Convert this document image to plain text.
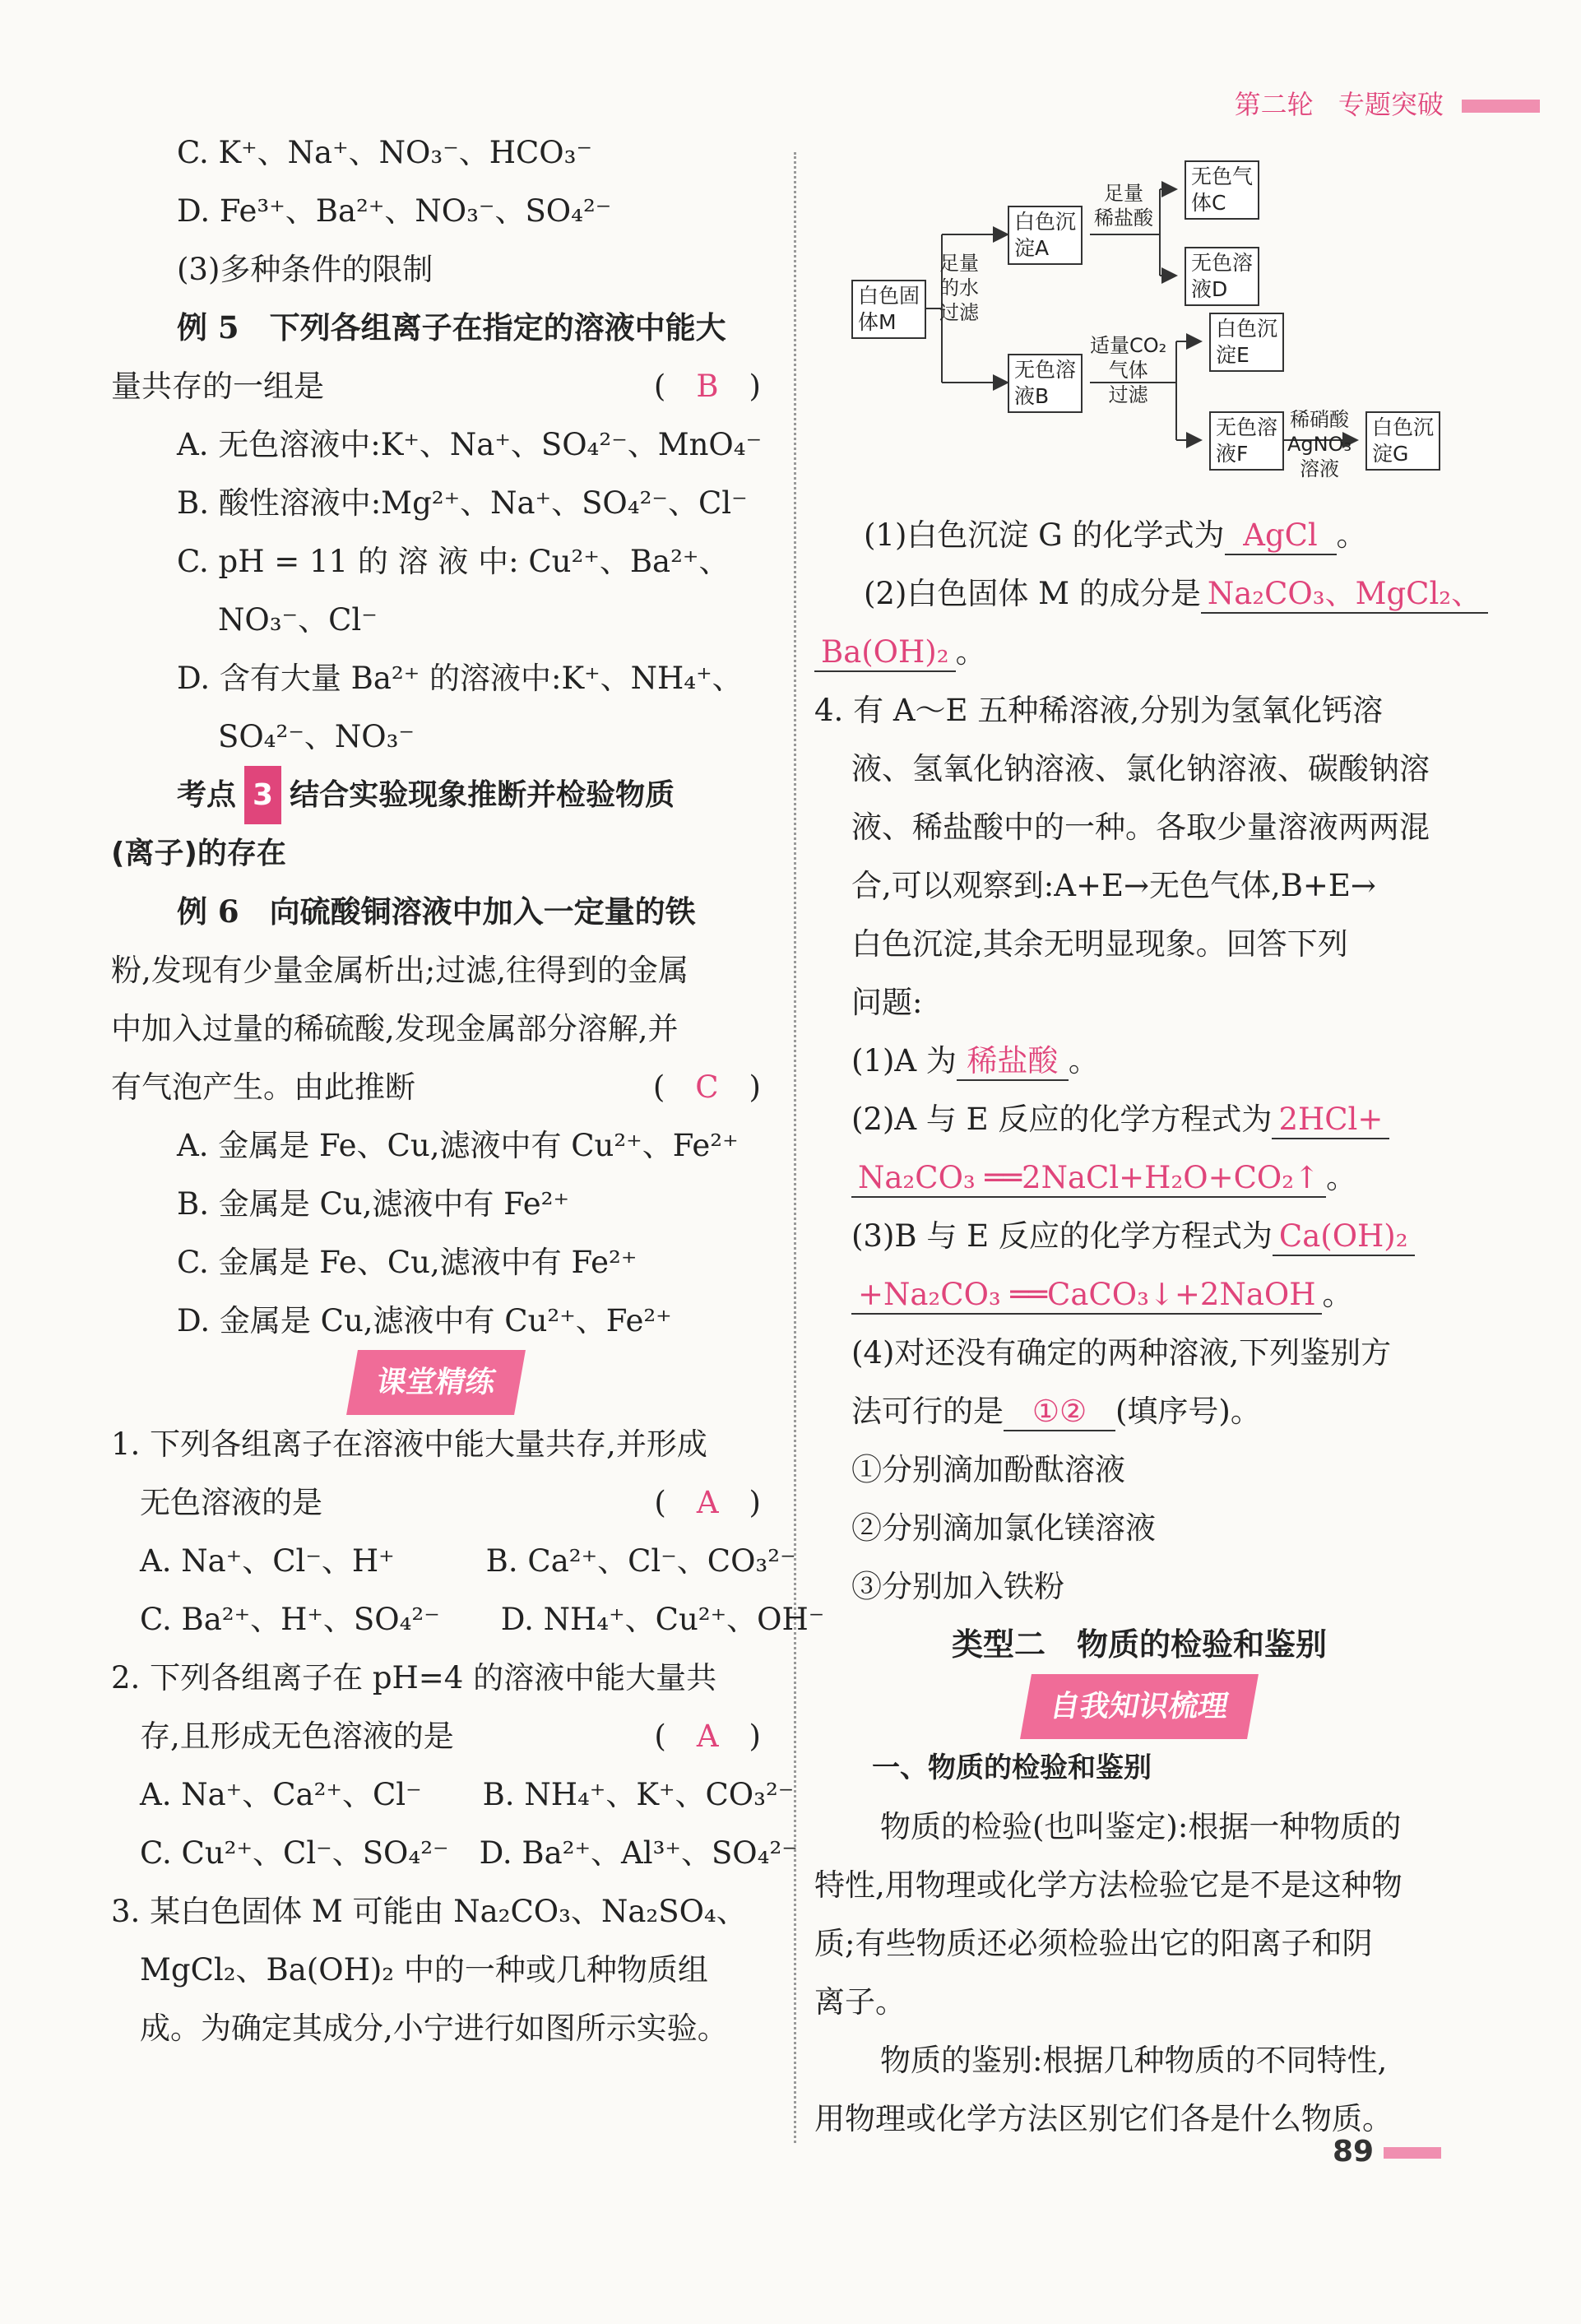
第二轮 专题突破
C. K⁺、Na⁺、NO₃⁻、HCO₃⁻
D. Fe³⁺、Ba²⁺、NO₃⁻、SO₄²⁻
(3)多种条件的限制
例 5　下列各组离子在指定的溶液中能大
量共存的一组是	(　B　)
A. 无色溶液中:K⁺、Na⁺、SO₄²⁻、MnO₄⁻
B. 酸性溶液中:Mg²⁺、Na⁺、SO₄²⁻、Cl⁻
C. pH = 11 的 溶 液 中: Cu²⁺、Ba²⁺、
NO₃⁻、Cl⁻
D. 含有大量 Ba²⁺ 的溶液中:K⁺、NH₄⁺、
SO₄²⁻、NO₃⁻
考点 3 结合实验现象推断并检验物质
(离子)的存在
例 6　向硫酸铜溶液中加入一定量的铁
粉,发现有少量金属析出;过滤,往得到的金属
中加入过量的稀硫酸,发现金属部分溶解,并
有气泡产生。由此推断	(　C　)
A. 金属是 Fe、Cu,滤液中有 Cu²⁺、Fe²⁺
B. 金属是 Cu,滤液中有 Fe²⁺
C. 金属是 Fe、Cu,滤液中有 Fe²⁺
D. 金属是 Cu,滤液中有 Cu²⁺、Fe²⁺
课堂精练
1. 下列各组离子在溶液中能大量共存,并形成
无色溶液的是	(　A　)
A. Na⁺、Cl⁻、H⁺　　　B. Ca²⁺、Cl⁻、CO₃²⁻
C. Ba²⁺、H⁺、SO₄²⁻　　D. NH₄⁺、Cu²⁺、OH⁻
2. 下列各组离子在 pH=4 的溶液中能大量共
存,且形成无色溶液的是	(　A　)
A. Na⁺、Ca²⁺、Cl⁻　　B. NH₄⁺、K⁺、CO₃²⁻
C. Cu²⁺、Cl⁻、SO₄²⁻　D. Ba²⁺、Al³⁺、SO₄²⁻
3. 某白色固体 M 可能由 Na₂CO₃、Na₂SO₄、
MgCl₂、Ba(OH)₂ 中的一种或几种物质组
成。为确定其成分,小宁进行如图所示实验。
白色固
体M
足量
的水
过滤
白色沉
淀A
足量
稀盐酸
无色气
体C
无色溶
液D
无色溶
液B
适量CO₂
气体
过滤
白色沉
淀E
无色溶
液F
稀硝酸
AgNO₃
溶液
白色沉
淀G
(1)白色沉淀 G 的化学式为 AgCl 。
(2)白色固体 M 的成分是 Na₂CO₃、MgCl₂、
Ba(OH)₂ 。
4. 有 A～E 五种稀溶液,分别为氢氧化钙溶
液、氢氧化钠溶液、氯化钠溶液、碳酸钠溶
液、稀盐酸中的一种。各取少量溶液两两混
合,可以观察到:A+E→无色气体,B+E→
白色沉淀,其余无明显现象。回答下列
问题:
(1)A 为 稀盐酸 。
(2)A 与 E 反应的化学方程式为 2HCl+
Na₂CO₃ ══2NaCl+H₂O+CO₂↑ 。
(3)B 与 E 反应的化学方程式为 Ca(OH)₂
+Na₂CO₃ ══CaCO₃↓+2NaOH 。
(4)对还没有确定的两种溶液,下列鉴别方
法可行的是 ①② (填序号)。
①分别滴加酚酞溶液
②分别滴加氯化镁溶液
③分别加入铁粉
类型二　物质的检验和鉴别
自我知识梳理
一、物质的检验和鉴别
物质的检验(也叫鉴定):根据一种物质的
特性,用物理或化学方法检验它是不是这种物
质;有些物质还必须检验出它的阳离子和阴
离子。
物质的鉴别:根据几种物质的不同特性,
用物理或化学方法区别它们各是什么物质。
89
